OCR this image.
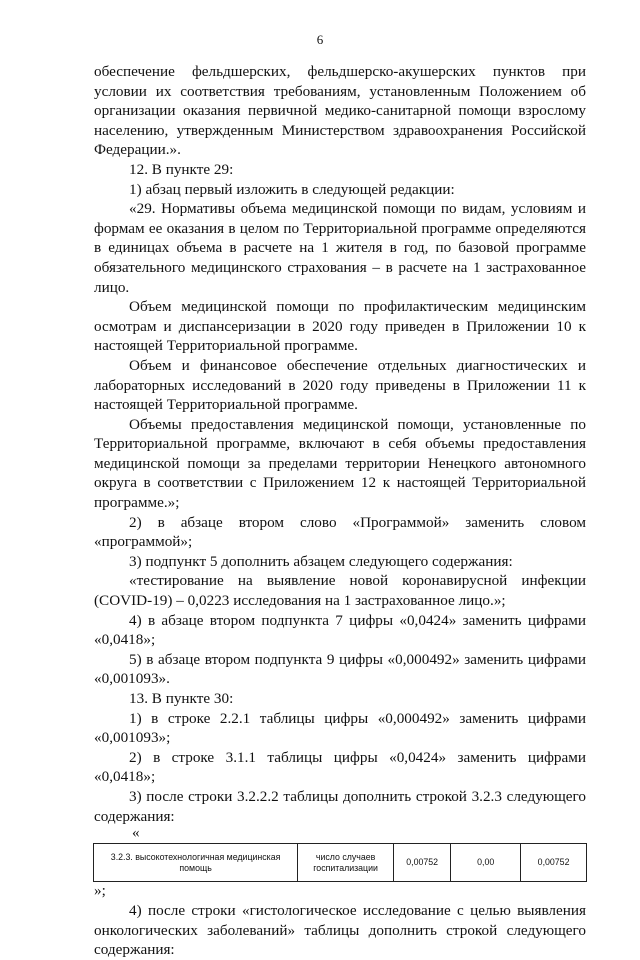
6

обеспечение фельдшерских, фельдшерско-акушерских пунктов при условии их соответствия требованиям, установленным Положением об организации оказания первичной медико-санитарной помощи взрослому населению, утвержденным Министерством здравоохранения Российской Федерации.».

12. В пункте 29:

1) абзац первый изложить в следующей редакции:

«29. Нормативы объема медицинской помощи по видам, условиям и формам ее оказания в целом по Территориальной программе определяются в единицах объема в расчете на 1 жителя в год, по базовой программе обязательного медицинского страхования – в расчете на 1 застрахованное лицо.

Объем медицинской помощи по профилактическим медицинским осмотрам и диспансеризации в 2020 году приведен в Приложении 10 к настоящей Территориальной программе.

Объем и финансовое обеспечение отдельных диагностических и лабораторных исследований в 2020 году приведены в Приложении 11 к настоящей Территориальной программе.

Объемы предоставления медицинской помощи, установленные по Территориальной программе, включают в себя объемы предоставления медицинской помощи за пределами территории Ненецкого автономного округа в соответствии с Приложением 12 к настоящей Территориальной программе.»;

2) в абзаце втором слово «Программой» заменить словом «программой»;

3) подпункт 5 дополнить абзацем следующего содержания:

«тестирование на выявление новой коронавирусной инфекции (COVID-19) – 0,0223 исследования на 1 застрахованное лицо.»;

4) в абзаце втором подпункта 7 цифры «0,0424» заменить цифрами «0,0418»;

5) в абзаце втором подпункта 9 цифры «0,000492» заменить цифрами «0,001093».

13. В пункте 30:

1) в строке 2.2.1 таблицы цифры «0,000492» заменить цифрами «0,001093»;

2) в строке 3.1.1 таблицы цифры «0,0424» заменить цифрами «0,0418»;

3) после строки 3.2.2.2 таблицы дополнить строкой 3.2.3 следующего содержания:

«

3.2.3. высокотехнологичная медицинская помощь	число случаев госпитализации	0,00752	0,00	0,00752

»;

4) после строки «гистологическое исследование с целью выявления онкологических заболеваний» таблицы дополнить строкой следующего содержания:
